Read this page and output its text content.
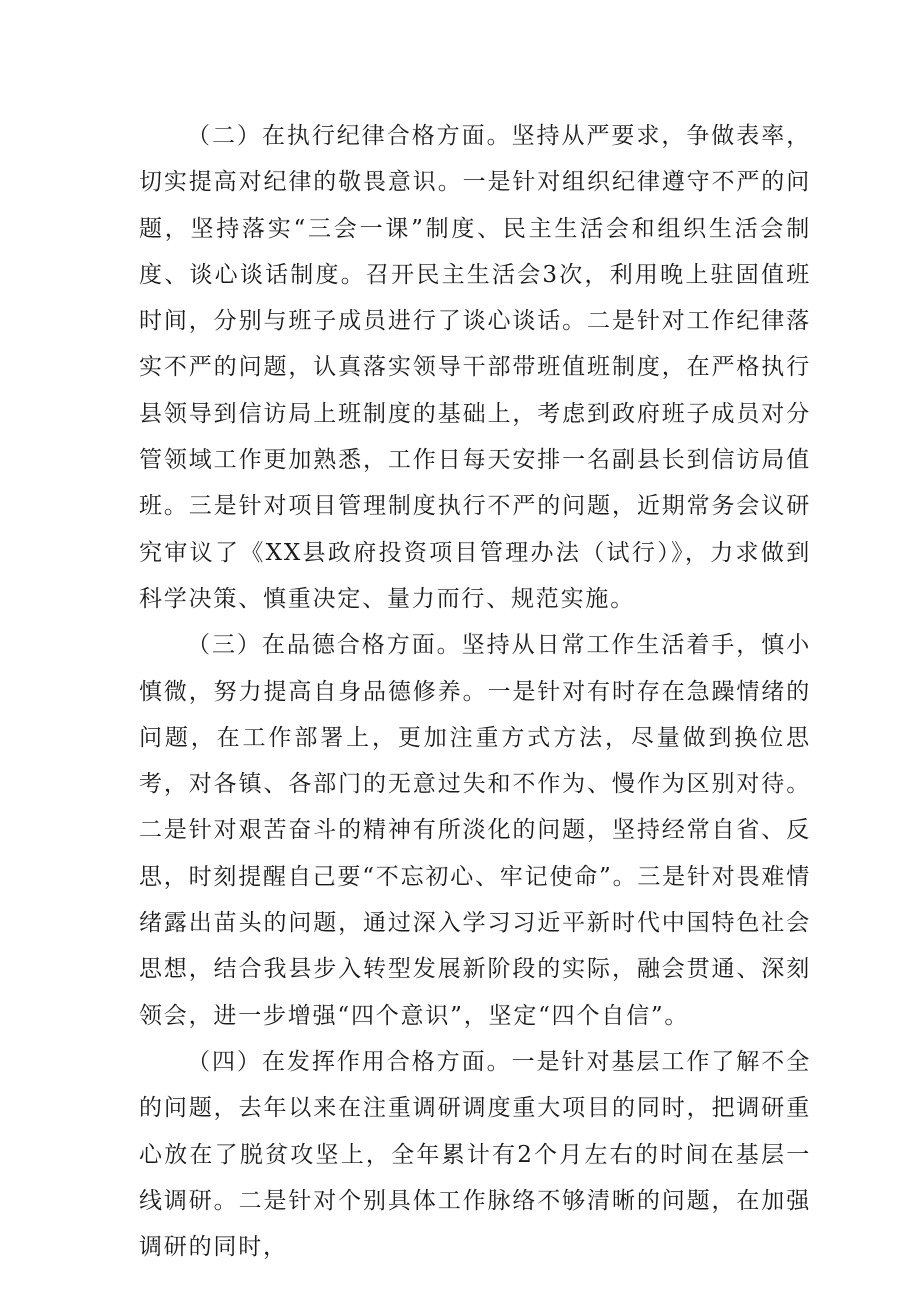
（二）在执行纪律合格方面。坚持从严要求，争做表率，切实提高对纪律的敬畏意识。一是针对组织纪律遵守不严的问题，坚持落实“三会一课”制度、民主生活会和组织生活会制度、谈心谈话制度。召开民主生活会3次，利用晚上驻固值班时间，分别与班子成员进行了谈心谈话。二是针对工作纪律落实不严的问题，认真落实领导干部带班值班制度，在严格执行县领导到信访局上班制度的基础上，考虑到政府班子成员对分管领域工作更加熟悉，工作日每天安排一名副县长到信访局值班。三是针对项目管理制度执行不严的问题，近期常务会议研究审议了《XX县政府投资项目管理办法（试行）》，力求做到科学决策、慎重决定、量力而行、规范实施。

（三）在品德合格方面。坚持从日常工作生活着手，慎小慎微，努力提高自身品德修养。一是针对有时存在急躁情绪的问题，在工作部署上，更加注重方式方法，尽量做到换位思考，对各镇、各部门的无意过失和不作为、慢作为区别对待。二是针对艰苦奋斗的精神有所淡化的问题，坚持经常自省、反思，时刻提醒自己要“不忘初心、牢记使命”。三是针对畏难情绪露出苗头的问题，通过深入学习习近平新时代中国特色社会思想，结合我县步入转型发展新阶段的实际，融会贯通、深刻领会，进一步增强“四个意识”，坚定“四个自信”。

（四）在发挥作用合格方面。一是针对基层工作了解不全的问题，去年以来在注重调研调度重大项目的同时，把调研重心放在了脱贫攻坚上，全年累计有2个月左右的时间在基层一线调研。二是针对个别具体工作脉络不够清晰的问题，在加强调研的同时，
